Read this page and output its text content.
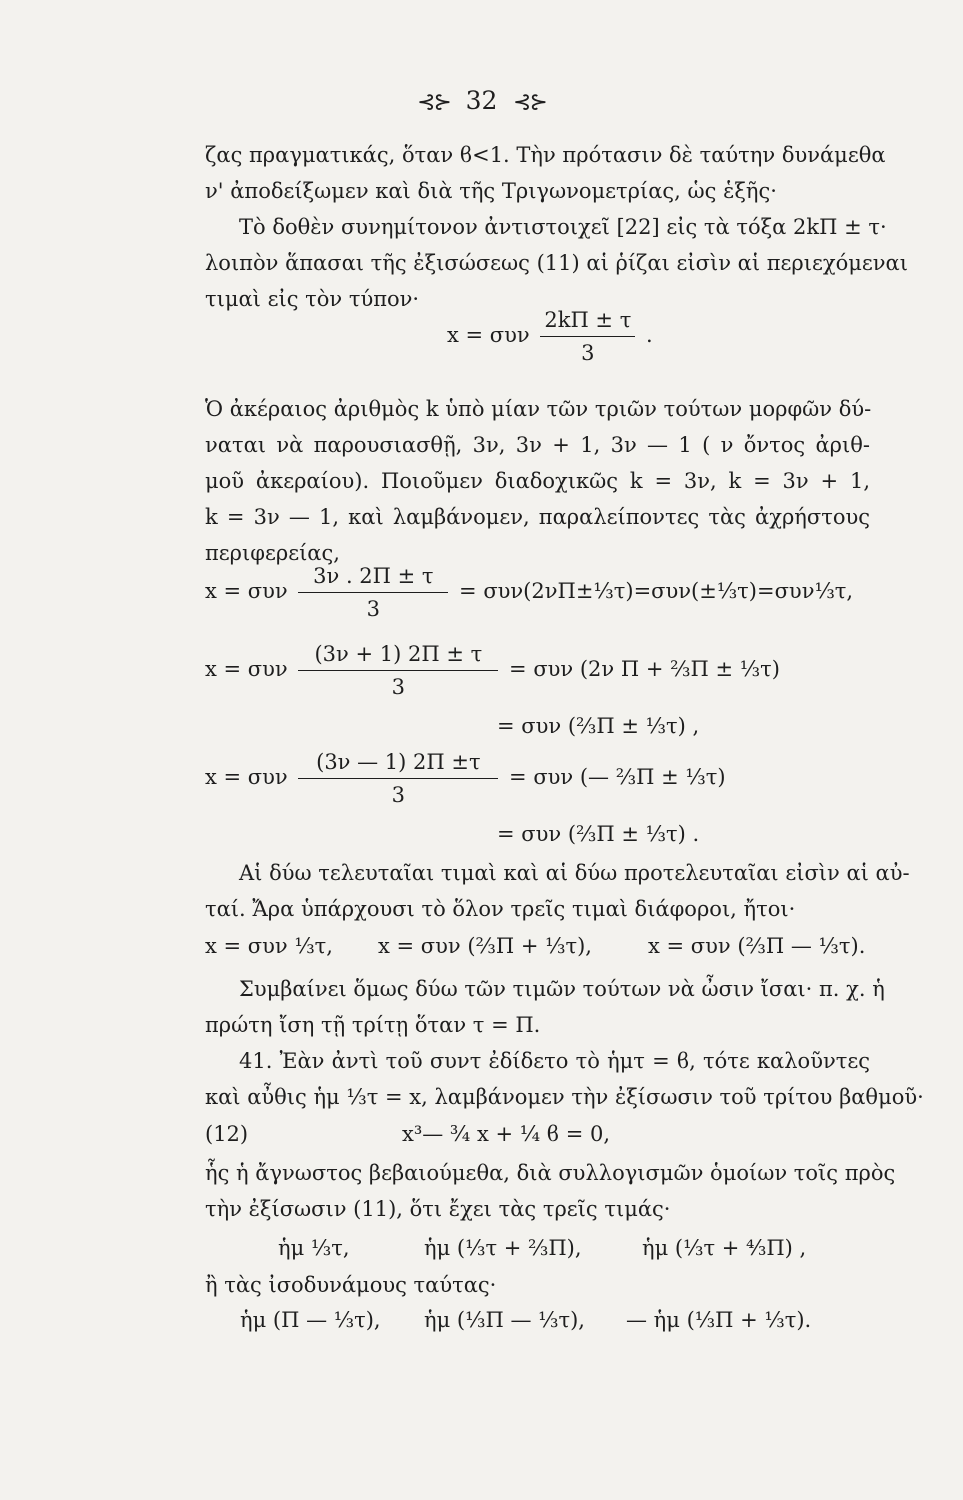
⊰⊱ 32 ⊰⊱
ζας πραγματικάς, ὅταν ϐ<1. Τὴν πρότασιν δὲ ταύτην δυνάμεθα
ν' ἀποδείξωμεν καὶ διὰ τῆς Τριγωνομετρίας, ὡς ἑξῆς·
Τὸ δοθὲν συνημίτονον ἀντιστοιχεῖ [22] εἰς τὰ τόξα 2kΠ ± τ·
λοιπὸν ἅπασαι τῆς ἐξισώσεως (11) αἱ ῥίζαι εἰσὶν αἱ περιεχόμεναι
τιμαὶ εἰς τὸν τύπον·
x = συν $\frac{2k\Pi \pm \tau}{3}$ .
Ὁ ἀκέραιος ἀριθμὸς k ὑπὸ μίαν τῶν τριῶν τούτων μορφῶν δύ-
ναται νὰ παρουσιασθῇ, 3ν, 3ν + 1, 3ν — 1 ( ν ὄντος ἀριθ-
μοῦ ἀκεραίου). Ποιοῦμεν διαδοχικῶς k = 3ν, k = 3ν + 1,
k = 3ν — 1, καὶ λαμβάνομεν, παραλείποντες τὰς ἀχρήστους
περιφερείας,
x = συν $\frac{3\nu . 2\Pi \pm \tau}{3}$ = συν(2νΠ±⅓τ)=συν(±⅓τ)=συν⅓τ,
x = συν $\frac{(3\nu + 1) 2\Pi \pm \tau}{3} = \sigma\upsilon\nu$ (2ν Π + ⅔Π ± ⅓τ)
= συν (⅔Π ± ⅓τ) ,
x = συν $\frac{(3\nu — 1) 2\Pi \pm\tau}{3} = \sigma\upsilon\nu$ (— ⅔Π ± ⅓τ)
= συν (⅔Π ± ⅓τ) .
Αἱ δύω τελευταῖαι τιμαὶ καὶ αἱ δύω προτελευταῖαι εἰσὶν αἱ αὐ-
ταί. Ἄρα ὑπάρχουσι τὸ ὅλον τρεῖς τιμαὶ διάφοροι, ἤτοι·
x = συν ⅓τ, x = συν (⅔Π + ⅓τ),	x = συν (⅔Π — ⅓τ).
Συμβαίνει ὅμως δύω τῶν τιμῶν τούτων νὰ ὦσιν ἴσαι· π. χ. ἡ
πρώτη ἴση τῇ τρίτῃ ὅταν τ = Π.
41. Ἐὰν ἀντὶ τοῦ συντ ἐδίδετο τὸ ἡμτ = ϐ, τότε καλοῦντες
καὶ αὖθις ἡμ ⅓τ = x, λαμβάνομεν τὴν ἐξίσωσιν τοῦ τρίτου βαθμοῦ·
(12)	x³— ¾ x + ¼ ϐ = 0,
ἧς ἡ ἄγνωστος βεβαιούμεθα, διὰ συλλογισμῶν ὁμοίων τοῖς πρὸς
τὴν ἐξίσωσιν (11), ὅτι ἔχει τὰς τρεῖς τιμάς·
ἡμ ⅓τ,	ἡμ (⅓τ + ⅔Π),	ἡμ (⅓τ + ⁴⁄₃Π) ,
ἢ τὰς ἰσοδυνάμους ταύτας·
ἡμ (Π — ⅓τ), ἡμ (⅓Π — ⅓τ), — ἡμ (⅓Π + ⅓τ).
